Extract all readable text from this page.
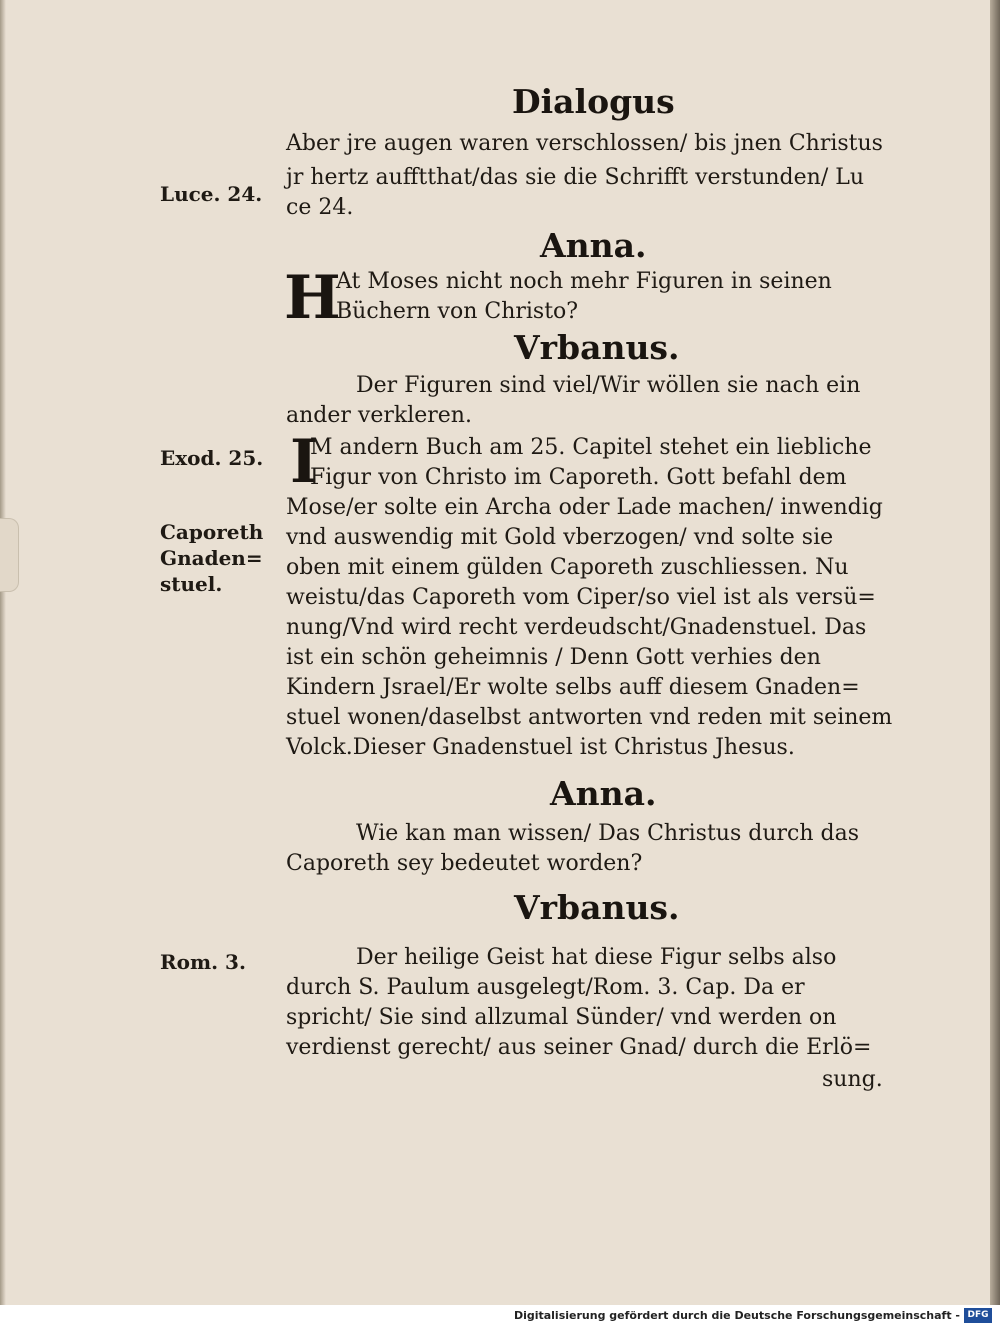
Dialogus
Aber jre augen waren verschlossen/ bis jnen Christus
jr hertz aufftthat/das sie die Schrifft verstunden/ Lu
ce 24.
Luce. 24.
Anna.
H
At Moses nicht noch mehr Figuren in seinen
Büchern von Christo?
Vrbanus.
Der Figuren sind viel/Wir wöllen sie nach ein
ander verkleren.
Exod. 25.
Caporeth
Gnaden=
stuel.
I
M andern Buch am 25. Capitel stehet ein liebliche
Figur von Christo im Caporeth. Gott befahl dem
Mose/er solte ein Archa oder Lade machen/ inwendig
vnd auswendig mit Gold vberzogen/ vnd solte sie
oben mit einem gülden Caporeth zuschliessen. Nu
weistu/das Caporeth vom Ciper/so viel ist als versü=
nung/Vnd wird recht verdeudscht/Gnadenstuel. Das
ist ein schön geheimnis / Denn Gott verhies den
Kindern Jsrael/Er wolte selbs auff diesem Gnaden=
stuel wonen/daselbst antworten vnd reden mit seinem
Volck.Dieser Gnadenstuel ist Christus Jhesus.
Anna.
Wie kan man wissen/ Das Christus durch das
Caporeth sey bedeutet worden?
Vrbanus.
Rom. 3.	Der heilige Geist hat diese Figur selbs also
durch S. Paulum ausgelegt/Rom. 3. Cap. Da er
spricht/ Sie sind allzumal Sünder/ vnd werden on
verdienst gerecht/ aus seiner Gnad/ durch die Erlö=
sung.
Digitalisierung gefördert durch die Deutsche Forschungsgemeinschaft - DFG
